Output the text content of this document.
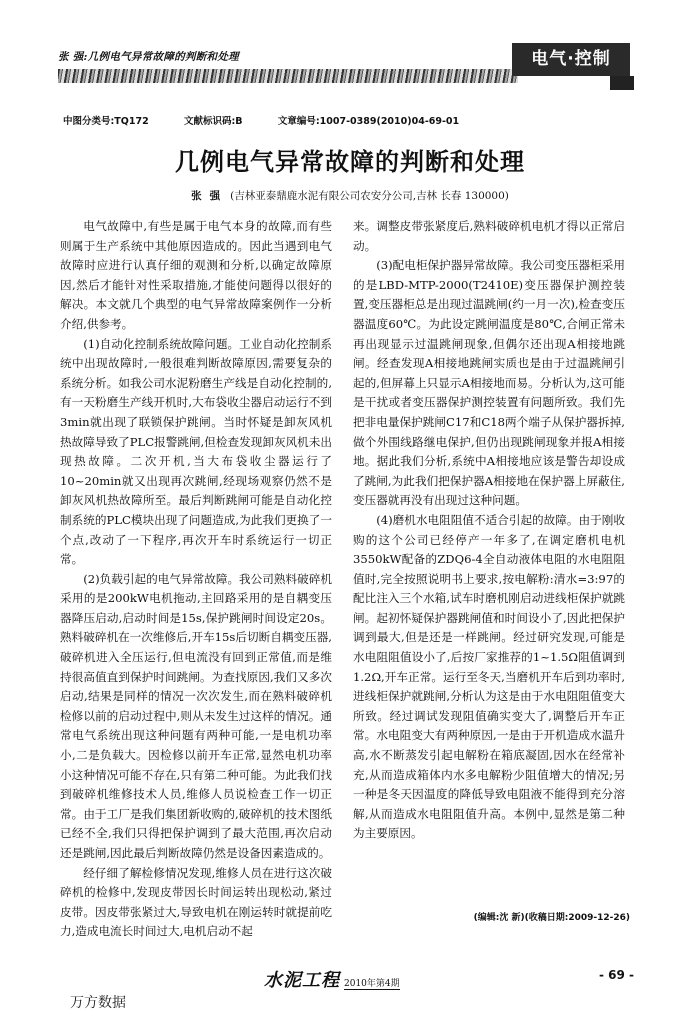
张 强:几例电气异常故障的判断和处理	电气·控制
中图分类号:TQ172	文献标识码:B	文章编号:1007-0389(2010)04-69-01
几例电气异常故障的判断和处理
张强 (吉林亚泰鼎鹿水泥有限公司农安分公司,吉林 长春 130000)

电气故障中,有些是属于电气本身的故障,而有些则属于生产系统中其他原因造成的。因此当遇到电气故障时应进行认真仔细的观测和分析,以确定故障原因,然后才能针对性采取措施,才能使问题得以很好的解决。本文就几个典型的电气异常故障案例作一分析介绍,供参考。

(1)自动化控制系统故障问题。工业自动化控制系统中出现故障时,一般很难判断故障原因,需要复杂的系统分析。如我公司水泥粉磨生产线是自动化控制的,有一天粉磨生产线开机时,大布袋收尘器启动运行不到3min就出现了联锁保护跳闸。当时怀疑是卸灰风机热故障导致了PLC报警跳闸,但检查发现卸灰风机未出现热故障。二次开机,当大布袋收尘器运行了10~20min就又出现再次跳闸,经现场观察仍然不是卸灰风机热故障所至。最后判断跳闸可能是自动化控制系统的PLC模块出现了问题造成,为此我们更换了一个点,改动了一下程序,再次开车时系统运行一切正常。

(2)负载引起的电气异常故障。我公司熟料破碎机采用的是200kW电机拖动,主回路采用的是自耦变压器降压启动,启动时间是15s,保护跳闸时间设定20s。熟料破碎机在一次维修后,开车15s后切断自耦变压器,破碎机进入全压运行,但电流没有回到正常值,而是维持很高值直到保护时间跳闸。为查找原因,我们又多次启动,结果是同样的情况一次次发生,而在熟料破碎机检修以前的启动过程中,则从未发生过这样的情况。通常电气系统出现这种问题有两种可能,一是电机功率小,二是负载大。因检修以前开车正常,显然电机功率小这种情况可能不存在,只有第二种可能。为此我们找到破碎机维修技术人员,维修人员说检查工作一切正常。由于工厂是我们集团新收购的,破碎机的技术图纸已经不全,我们只得把保护调到了最大范围,再次启动还是跳闸,因此最后判断故障仍然是设备因素造成的。

经仔细了解检修情况发现,维修人员在进行这次破碎机的检修中,发现皮带因长时间运转出现松动,紧过皮带。因皮带张紧过大,导致电机在刚运转时就提前吃力,造成电流长时间过大,电机启动不起

来。调整皮带张紧度后,熟料破碎机电机才得以正常启动。

(3)配电柜保护器异常故障。我公司变压器柜采用的是LBD-MTP-2000(T2410E)变压器保护测控装置,变压器柜总是出现过温跳闸(约一月一次),检查变压器温度60℃。为此设定跳闸温度是80℃,合闸正常未再出现显示过温跳闸现象,但偶尔还出现A相接地跳闸。经查发现A相接地跳闸实质也是由于过温跳闸引起的,但屏幕上只显示A相接地而易。分析认为,这可能是干扰或者变压器保护测控装置有问题所致。我们先把非电量保护跳闸C17和C18两个端子从保护器拆掉,做个外围线路继电保护,但仍出现跳闸现象并报A相接地。据此我们分析,系统中A相接地应该是警告却设成了跳闸,为此我们把保护器A相接地在保护器上屏蔽住,变压器就再没有出现过这种问题。

(4)磨机水电阻阻值不适合引起的故障。由于刚收购的这个公司已经停产一年多了,在调定磨机电机3550kW配备的ZDQ6-4全自动液体电阻的水电阻阻值时,完全按照说明书上要求,按电解粉:清水=3:97的配比注入三个水箱,试车时磨机刚启动进线柜保护就跳闸。起初怀疑保护器跳闸值和时间设小了,因此把保护调到最大,但是还是一样跳闸。经过研究发现,可能是水电阻阻值设小了,后按厂家推荐的1~1.5Ω阻值调到1.2Ω,开车正常。运行至冬天,当磨机开车后到功率时,进线柜保护就跳闸,分析认为这是由于水电阻阻值变大所致。经过调试发现阻值确实变大了,调整后开车正常。水电阻变大有两种原因,一是由于开机造成水温升高,水不断蒸发引起电解粉在箱底凝固,因水在经常补充,从而造成箱体内水多电解粉少阻值增大的情况;另一种是冬天因温度的降低导致电阻液不能得到充分溶解,从而造成水电阻阻值升高。本例中,显然是第二种为主要原因。

(编辑:沈 新)(收稿日期:2009-12-26)
水泥工程 2010年第4期
- 69 -
万方数据
